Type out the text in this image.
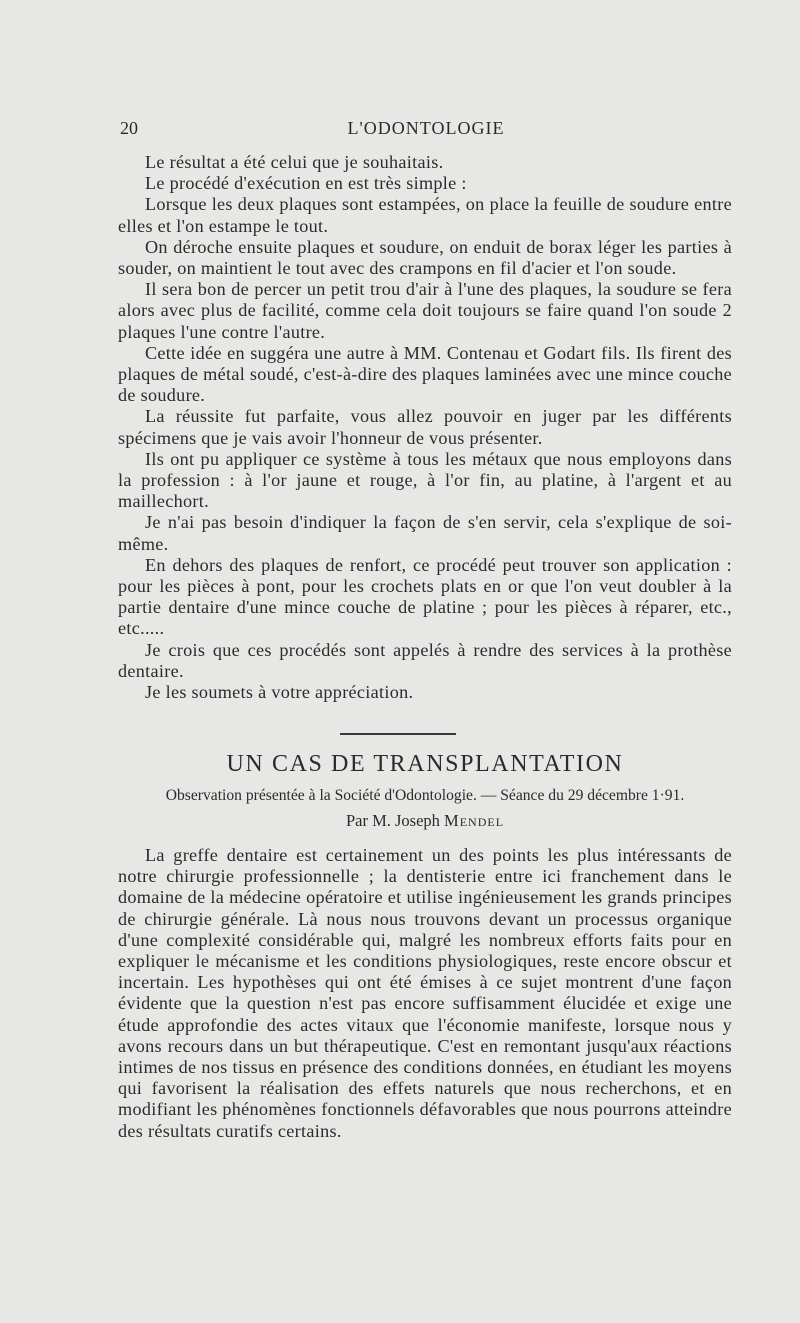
20	L'ODONTOLOGIE

Le résultat a été celui que je souhaitais.

Le procédé d'exécution en est très simple :

Lorsque les deux plaques sont estampées, on place la feuille de soudure entre elles et l'on estampe le tout.

On déroche ensuite plaques et soudure, on enduit de borax léger les parties à souder, on maintient le tout avec des crampons en fil d'acier et l'on soude.

Il sera bon de percer un petit trou d'air à l'une des plaques, la soudure se fera alors avec plus de facilité, comme cela doit toujours se faire quand l'on soude 2 plaques l'une contre l'autre.

Cette idée en suggéra une autre à MM. Contenau et Godart fils. Ils firent des plaques de métal soudé, c'est-à-dire des plaques laminées avec une mince couche de soudure.

La réussite fut parfaite, vous allez pouvoir en juger par les différents spécimens que je vais avoir l'honneur de vous présenter.

Ils ont pu appliquer ce système à tous les métaux que nous employons dans la profession : à l'or jaune et rouge, à l'or fin, au platine, à l'argent et au maillechort.

Je n'ai pas besoin d'indiquer la façon de s'en servir, cela s'explique de soi-même.

En dehors des plaques de renfort, ce procédé peut trouver son application : pour les pièces à pont, pour les crochets plats en or que l'on veut doubler à la partie dentaire d'une mince couche de platine ; pour les pièces à réparer, etc., etc.....

Je crois que ces procédés sont appelés à rendre des services à la prothèse dentaire.

Je les soumets à votre appréciation.

UN CAS DE TRANSPLANTATION
Observation présentée à la Société d'Odontologie. — Séance du 29 décembre 1·91.
Par M. Joseph Mendel

La greffe dentaire est certainement un des points les plus intéressants de notre chirurgie professionnelle ; la dentisterie entre ici franchement dans le domaine de la médecine opératoire et utilise ingénieusement les grands principes de chirurgie générale. Là nous nous trouvons devant un processus organique d'une complexité considérable qui, malgré les nombreux efforts faits pour en expliquer le mécanisme et les conditions physiologiques, reste encore obscur et incertain. Les hypothèses qui ont été émises à ce sujet montrent d'une façon évidente que la question n'est pas encore suffisamment élucidée et exige une étude approfondie des actes vitaux que l'économie manifeste, lorsque nous y avons recours dans un but thérapeutique. C'est en remontant jusqu'aux réactions intimes de nos tissus en présence des conditions données, en étudiant les moyens qui favorisent la réalisation des effets naturels que nous recherchons, et en modifiant les phénomènes fonctionnels défavorables que nous pourrons atteindre des résultats curatifs certains.
